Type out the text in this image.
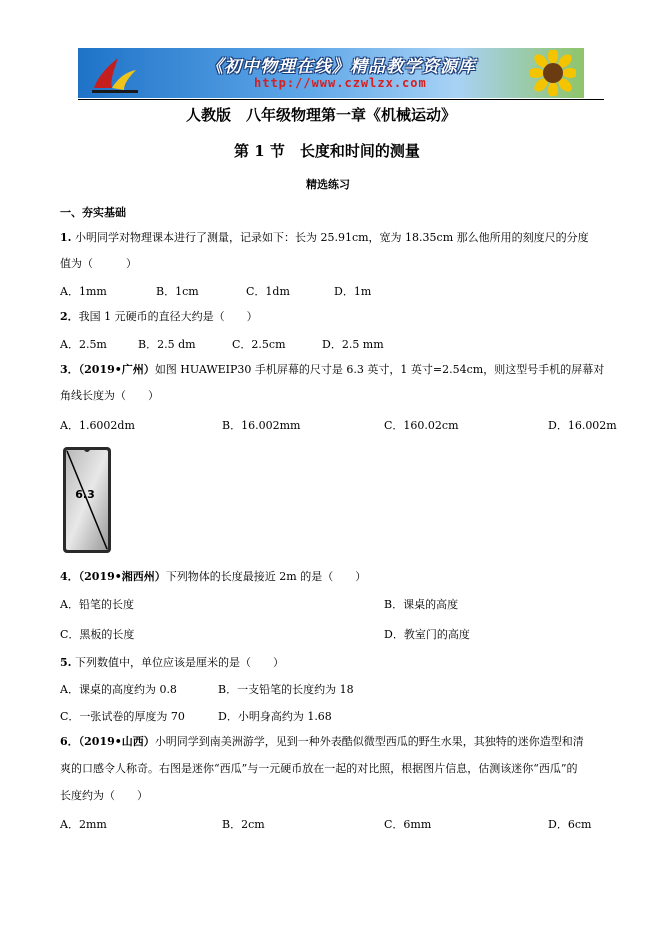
《初中物理在线》精品教学资源库
http://www.czwlzx.com
人教版　八年级物理第一章《机械运动》
第 1 节　长度和时间的测量
精选练习
一、夯实基础
1. 小明同学对物理课本进行了测量，记录如下：长为 25.91cm，宽为 18.35cm 那么他所用的刻度尺的分度
值为（　　　）
A．1mm	B．1cm	C．1dm	D．1m
2．我国 1 元硬币的直径大约是（　　）
A．2.5m	B．2.5 dm	C．2.5cm	D．2.5 mm
3．（2019•广州）如图 HUAWEIP30 手机屏幕的尺寸是 6.3 英寸，1 英寸=2.54cm，则这型号手机的屏幕对
角线长度为（　　）
A．1.6002dm	B．16.002mm	C．160.02cm	D．16.002m
6.3
4．（2019•湘西州）下列物体的长度最接近 2m 的是（　　）
A．铅笔的长度	B．课桌的高度
C．黑板的长度	D．教室门的高度
5. 下列数值中，单位应该是厘米的是（　　）
A．课桌的高度约为 0.8	B．一支铅笔的长度约为 18
C．一张试卷的厚度为 70	D．小明身高约为 1.68
6．（2019•山西）小明同学到南美洲游学，见到一种外表酷似微型西瓜的野生水果，其独特的迷你造型和清
爽的口感令人称奇。右图是迷你“西瓜”与一元硬币放在一起的对比照，根据图片信息，估测该迷你“西瓜”的
长度约为（　　）
A．2mm	B．2cm	C．6mm	D．6cm
